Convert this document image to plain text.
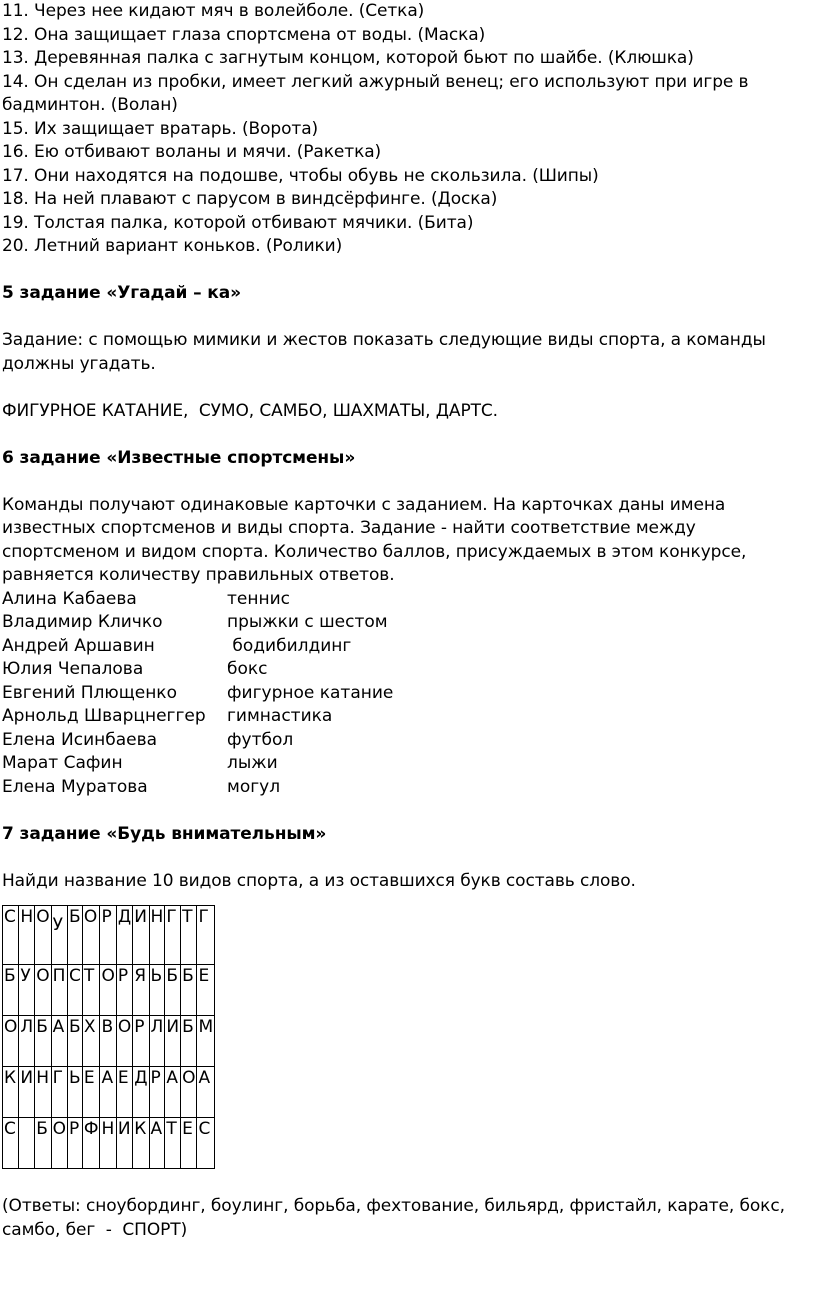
11. Через нее кидают мяч в волейболе. (Сетка)
12. Она защищает глаза спортсмена от воды. (Маска)
13. Деревянная палка с загнутым концом, которой бьют по шайбе. (Клюшка)
14. Он сделан из пробки, имеет легкий ажурный венец; его используют при игре в
бадминтон. (Волан)
15. Их защищает вратарь. (Ворота)
16. Ею отбивают воланы и мячи. (Ракетка)
17. Они находятся на подошве, чтобы обувь не скользила. (Шипы)
18. На ней плавают с парусом в виндсёрфинге. (Доска)
19. Толстая палка, которой отбивают мячики. (Бита)
20. Летний вариант коньков. (Ролики)
5 задание «Угадай – ка»
Задание: с помощью мимики и жестов показать следующие виды спорта, а команды
должны угадать.
ФИГУРНОЕ КАТАНИЕ,  СУМО, САМБО, ШАХМАТЫ, ДАРТС.
6 задание «Известные спортсмены»
Команды получают одинаковые карточки с заданием. На карточках даны имена
известных спортсменов и виды спорта. Задание - найти соответствие между
спортсменом и видом спорта. Количество баллов, присуждаемых в этом конкурсе,
равняется количеству правильных ответов.
Алина Кабаева	теннис
Владимир Кличко	прыжки с шестом
Андрей Аршавин	бодибилдинг
Юлия Чепалова	бокс
Евгений Плющенко	фигурное катание
Арнольд Шварцнеггер	гимнастика
Елена Исинбаева	футбол
Марат Сафин	лыжи
Елена Муратова	могул
7 задание «Будь внимательным»
Найди название 10 видов спорта, а из оставшихся букв составь слово.
С	Н	О	У	Б	О	Р	Д	И	Н	Г	Т	Г
Б	У	О	П	С	Т	О	Р	Я	Ь	Б	Б	Е
О	Л	Б	А	Б	Х	В	О	Р	Л	И	Б	М
К	И	Н	Г	Ь	Е	А	Е	Д	Р	А	О	А
С		Б	О	Р	Ф	Н	И	К	А	Т	Е	С
(Ответы: сноубординг, боулинг, борьба, фехтование, бильярд, фристайл, карате, бокс,
самбо, бег  -  СПОРТ)
